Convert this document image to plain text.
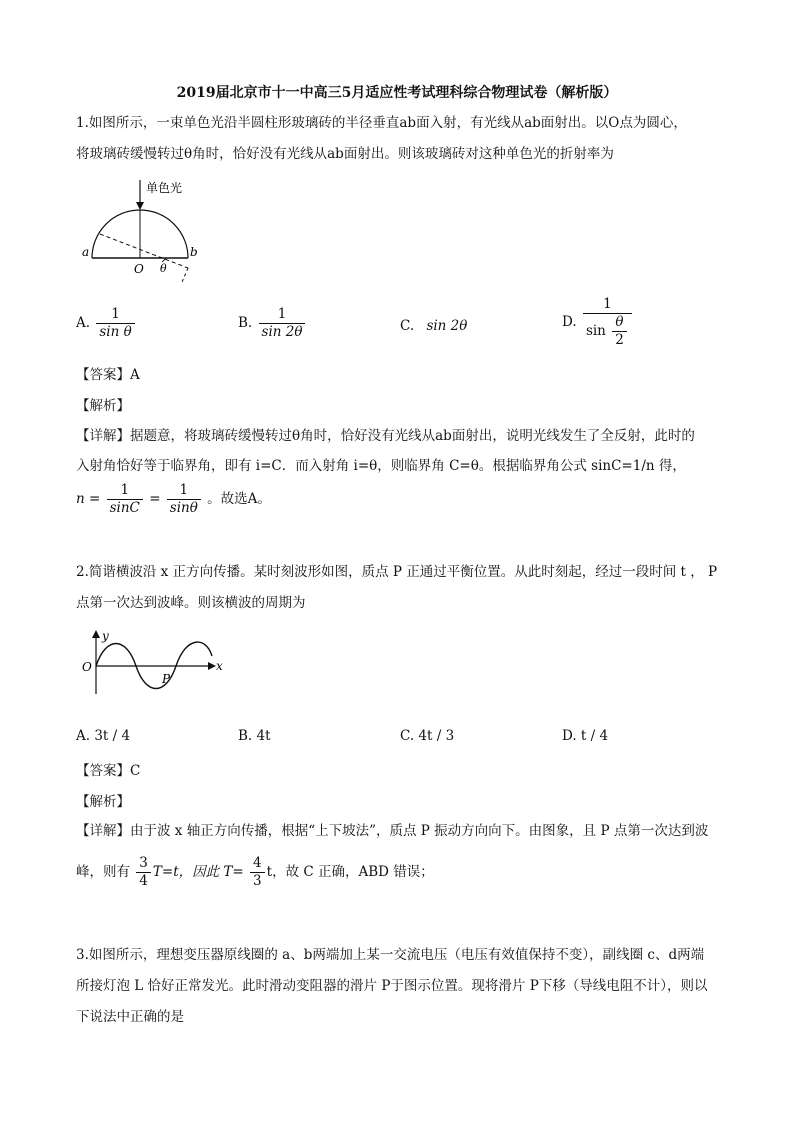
2019届北京市十一中高三5月适应性考试理科综合物理试卷（解析版）
1.如图所示，一束单色光沿半圆柱形玻璃砖的半径垂直ab面入射，有光线从ab面射出。以O点为圆心，
将玻璃砖缓慢转过θ角时，恰好没有光线从ab面射出。则该玻璃砖对这种单色光的折射率为
单色光
a	b
O θ
A. $\frac{1}{\text{sin θ}}$	B. $\frac{1}{\sin 2\theta}$	C. sin 2θ	D. $\frac{1}{\sin \frac{\theta}{2}}$
【答案】A
【解析】
【详解】据题意，将玻璃砖缓慢转过θ角时，恰好没有光线从ab面射出，说明光线发生了全反射，此时的
入射角恰好等于临界角，即有 i=C．而入射角 i=θ，则临界角 C=θ。根据临界角公式 sinC=1/n 得，
$n = \frac{1}{\sin C} = \frac{1}{\sin\theta}$ 。故选A。
2.简谐横波沿 x 正方向传播。某时刻波形如图，质点 P 正通过平衡位置。从此时刻起，经过一段时间 t ， P
点第一次达到波峰。则该横波的周期为
y
x
O
P
A. 3t / 4	B. 4t	C. 4t / 3	D. t / 4
【答案】C
【解析】
【详解】由于波 x 轴正方向传播，根据“上下坡法”，质点 P 振动方向向下。由图象，且 P 点第一次达到波
峰，则有 $\frac{3}{4} T=t$，因此 $T= \frac{4}{3}$ t，故 C 正确，ABD 错误；
3.如图所示，理想变压器原线圈的 a、b两端加上某一交流电压（电压有效值保持不变），副线圈 c、d两端
所接灯泡 L 恰好正常发光。此时滑动变阻器的滑片 P于图示位置。现将滑片 P下移（导线电阻不计），则以
下说法中正确的是
